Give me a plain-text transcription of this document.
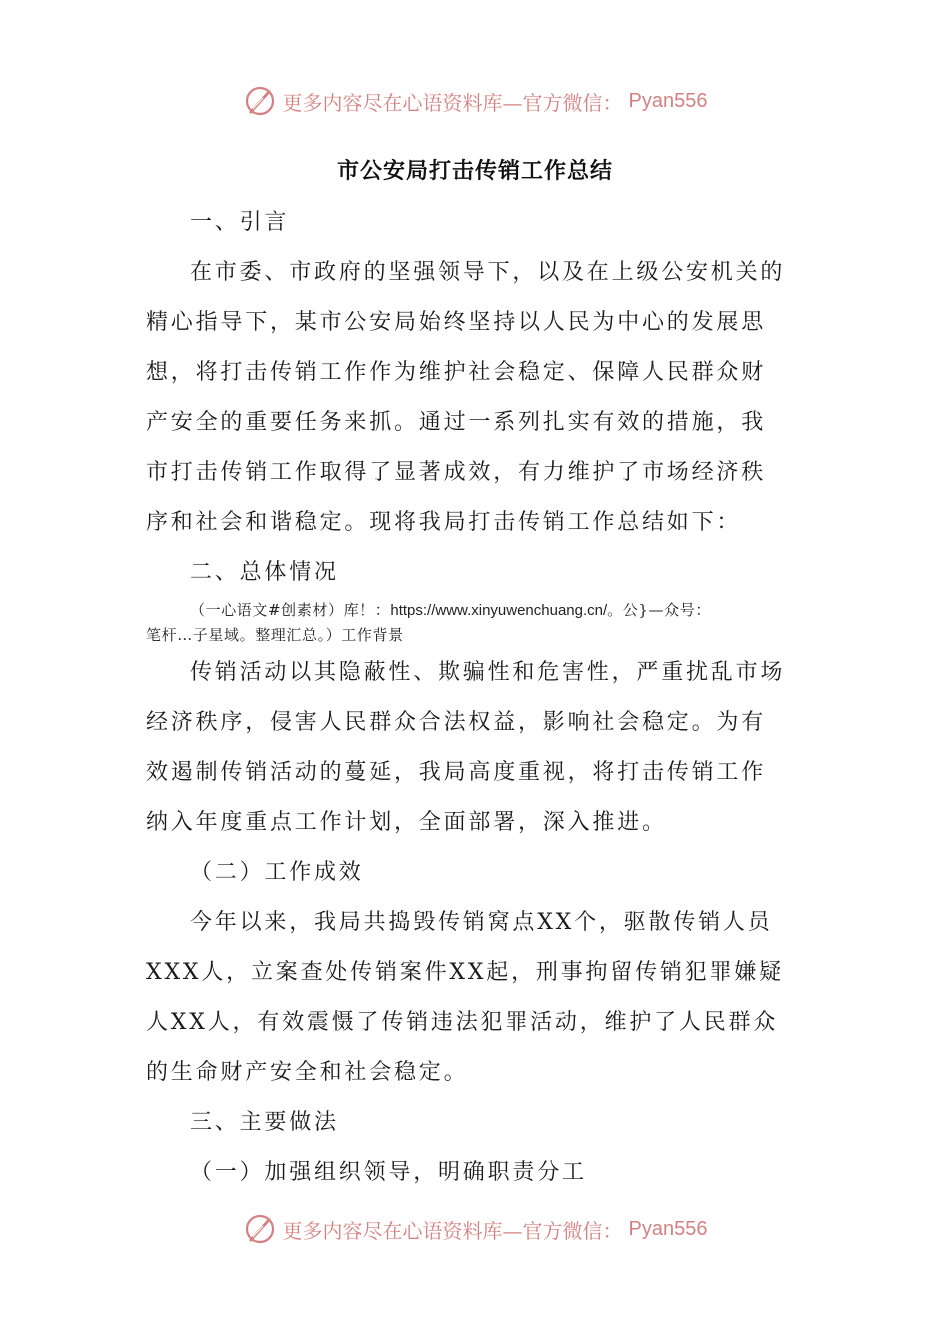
更多内容尽在心语资料库—官方微信： Pyan556
市公安局打击传销工作总结
一、引言
在市委、市政府的坚强领导下，以及在上级公安机关的
精心指导下，某市公安局始终坚持以人民为中心的发展思
想，将打击传销工作作为维护社会稳定、保障人民群众财
产安全的重要任务来抓。通过一系列扎实有效的措施，我
市打击传销工作取得了显著成效，有力维护了市场经济秩
序和社会和谐稳定。现将我局打击传销工作总结如下：
二、总体情况
（一心语文#创素材）库！：https://www.xinyuwenchuang.cn/。公}—众号：
笔杆…子星域。整理汇总。）工作背景
传销活动以其隐蔽性、欺骗性和危害性，严重扰乱市场
经济秩序，侵害人民群众合法权益，影响社会稳定。为有
效遏制传销活动的蔓延，我局高度重视，将打击传销工作
纳入年度重点工作计划，全面部署，深入推进。
（二）工作成效
今年以来，我局共捣毁传销窝点XX个，驱散传销人员
XXX人，立案查处传销案件XX起，刑事拘留传销犯罪嫌疑
人XX人，有效震慑了传销违法犯罪活动，维护了人民群众
的生命财产安全和社会稳定。
三、主要做法
（一）加强组织领导，明确职责分工
更多内容尽在心语资料库—官方微信： Pyan556
